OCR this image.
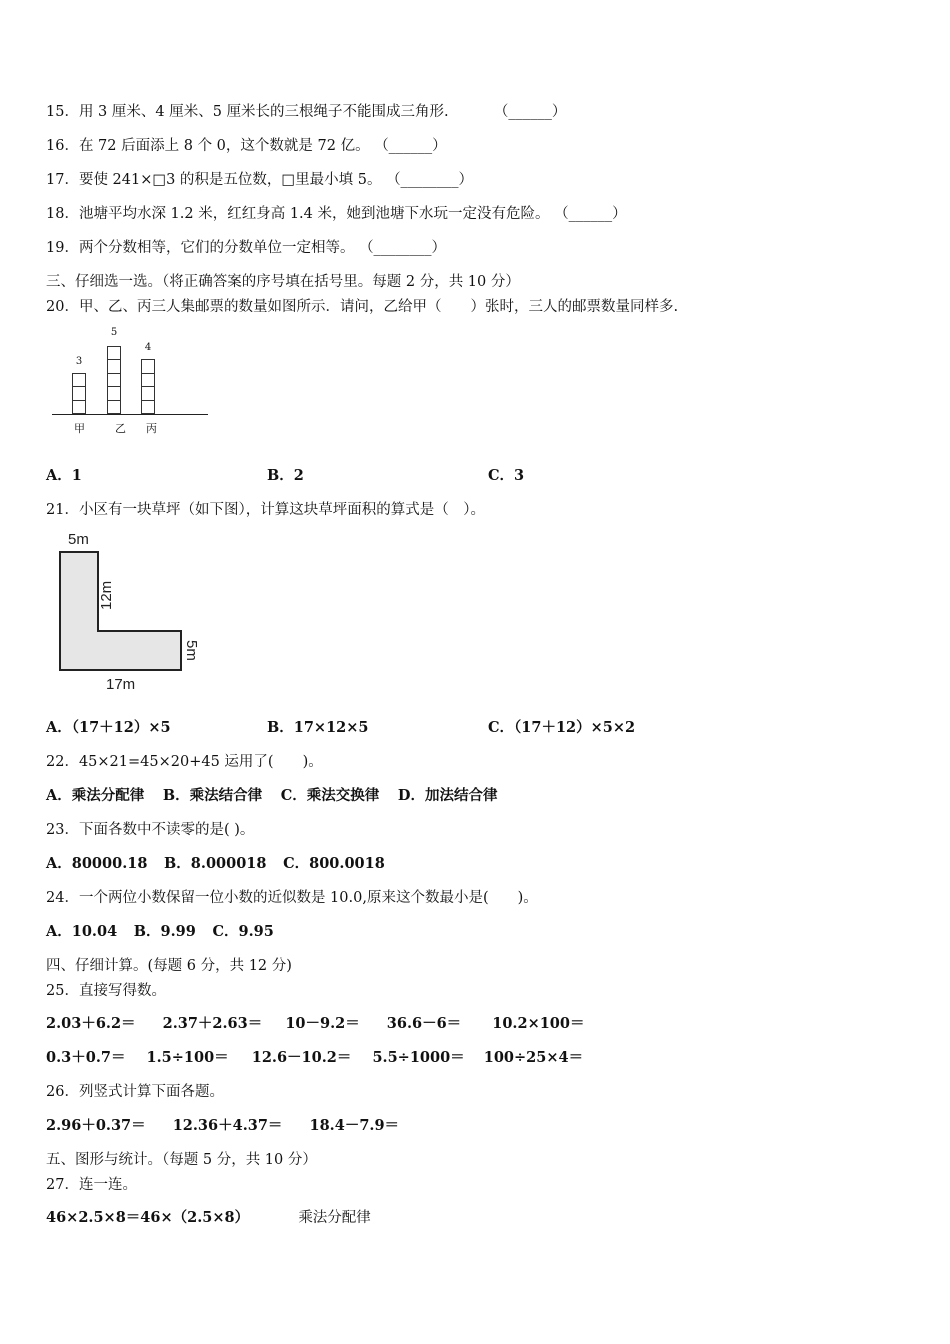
15．用 3 厘米、4 厘米、5 厘米长的三根绳子不能围成三角形.	（______）
16．在 72 后面添上 8 个 0，这个数就是 72 亿。 （______）
17．要使 241×□3 的积是五位数，□里最小填 5。 （________）
18．池塘平均水深 1.2 米，红红身高 1.4 米，她到池塘下水玩一定没有危险。 （______）
19．两个分数相等，它们的分数单位一定相等。 （________）
三、仔细选一选。（将正确答案的序号填在括号里。每题 2 分，共 10 分）
20．甲、乙、丙三人集邮票的数量如图所示．请问，乙给甲（　　）张时，三人的邮票数量同样多.
3
5
4
甲	乙 丙
A．1	B．2	C．3
21．小区有一块草坪（如下图），计算这块草坪面积的算式是（　）。
5m
12m
5m
17m
A．（17＋12）×5	B．17×12×5	C．（17＋12）×5×2
22．45×21=45×20+45 运用了(　　)。
A．乘法分配律 B．乘法结合律 C．乘法交换律 D．加法结合律
23．下面各数中不读零的是( )。
A．80000.18 B．8.000018 C．800.0018
24．一个两位小数保留一位小数的近似数是 10.0,原来这个数最小是(　　)。
A．10.04 B．9.99 C．9.95
四、仔细计算。(每题 6 分，共 12 分)
25．直接写得数。
2.03＋6.2＝ 2.37＋2.63＝ 10－9.2＝ 36.6－6＝ 10.2×100＝
0.3＋0.7＝ 1.5÷100＝ 12.6－10.2＝ 5.5÷1000＝ 100÷25×4＝
26．列竖式计算下面各题。
2.96＋0.37＝ 12.36＋4.37＝ 18.4－7.9＝
五、图形与统计。（每题 5 分，共 10 分）
27．连一连。
46×2.5×8＝46×（2.5×8）	乘法分配律
